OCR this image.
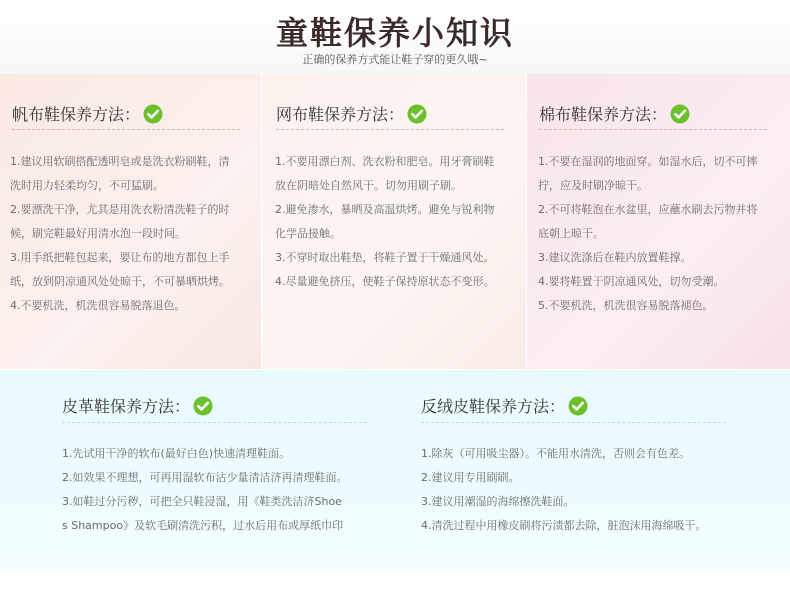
童鞋保养小知识
正确的保养方式能让鞋子穿的更久哦~
帆布鞋保养方法：

1.建议用软刷搭配透明皂或是洗衣粉刷鞋，清

洗时用力轻柔均匀，不可猛刷。

2.要漂洗干净，尤其是用洗衣粉清洗鞋子的时

候，刷完鞋最好用清水泡一段时间。

3.用手纸把鞋包起来，要让布的地方都包上手

纸，放到阴凉通风处处晾干，不可暴晒烘烤。

4.不要机洗，机洗很容易脱落退色。

网布鞋保养方法：

1.不要用漂白剂、洗衣粉和肥皂。用牙膏刷鞋

放在阴暗处自然风干。切勿用刷子刷。

2.避免渗水，暴晒及高温烘烤。避免与锐利物

化学品接触。

3.不穿时取出鞋垫，将鞋子置于干燥通风处。

4.尽量避免挤压，使鞋子保持原状态不变形。

棉布鞋保养方法：

1.不要在湿润的地面穿。如湿水后，切不可摔

拧，应及时刷净晾干。

2.不可将鞋泡在水盆里，应蘸水刷去污物并将

底朝上晾干。

3.建议洗涤后在鞋内放置鞋撑。

4.要将鞋置于阴凉通风处，切勿受潮。

5.不要机洗，机洗很容易脱落褪色。

皮革鞋保养方法：

1.先试用干净的软布(最好白色)快速清理鞋面。

2.如效果不理想，可再用湿软布沾少量清洁济再清理鞋面。

3.如鞋过分污秽，可把全只鞋浸湿，用《鞋类洗洁济Shoe

s Shampoo》及软毛刷清洗污积，过水后用布或厚纸巾印

反绒皮鞋保养方法：

1.除灰（可用吸尘器）。不能用水清洗，否则会有色差。

2.建议用专用刷刷。

3.建议用潮湿的海绵擦洗鞋面。

4.清洗过程中用橡皮刷将污渍都去除，脏泡沫用海绵吸干。
